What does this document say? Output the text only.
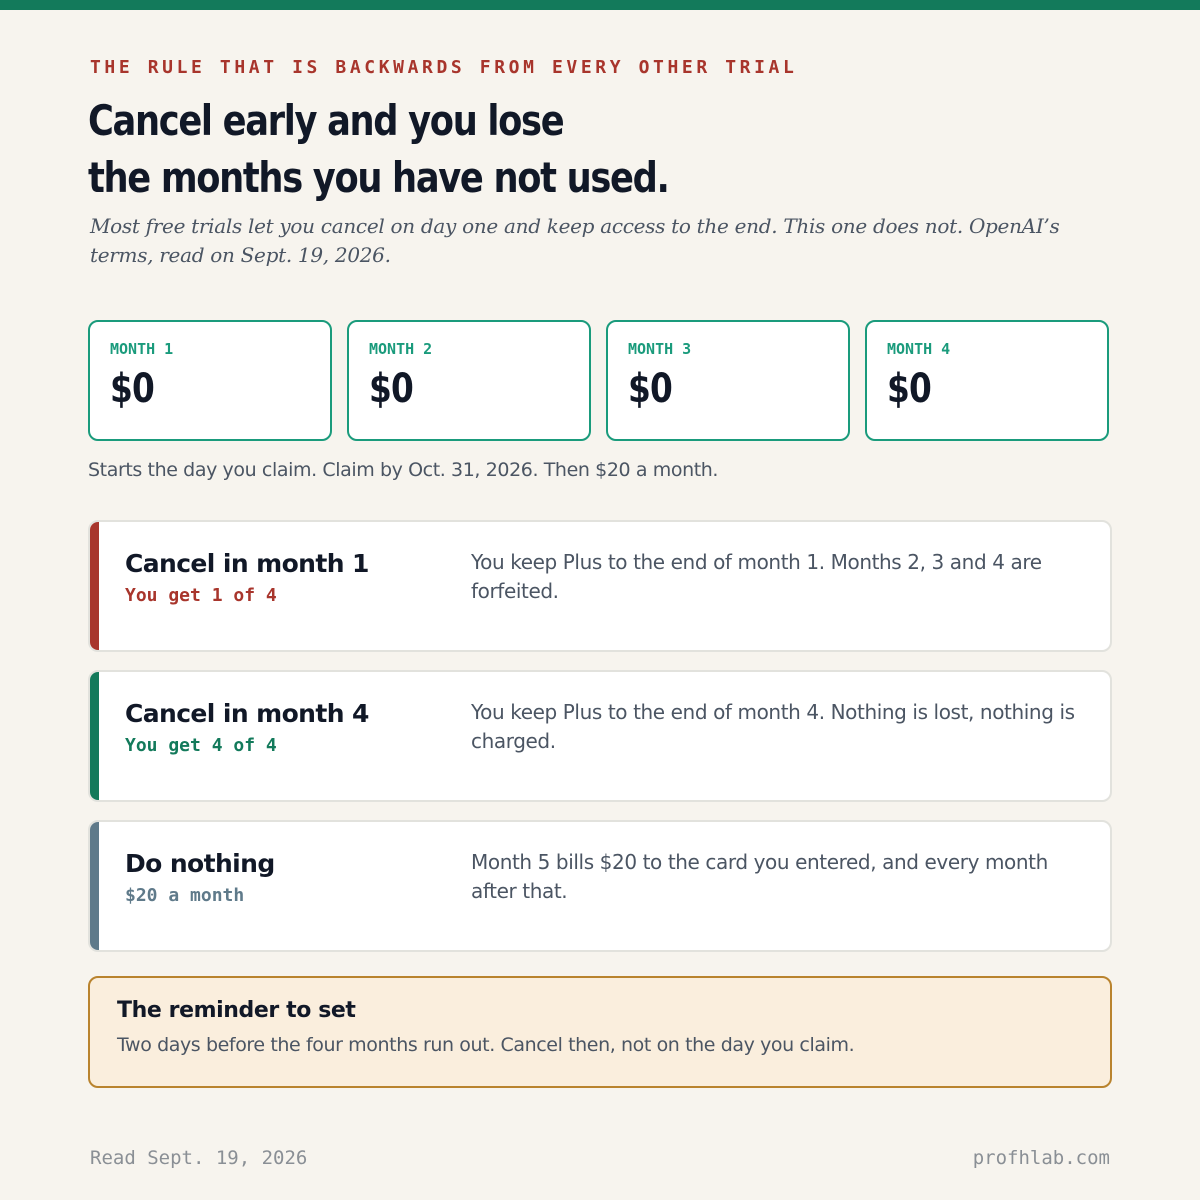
THE RULE THAT IS BACKWARDS FROM EVERY OTHER TRIAL
Cancel early and you lose
the months you have not used.

Most free trials let you cancel on day one and keep access to the end. This one does not. OpenAI’s terms, read on Sept. 19, 2026.

MONTH 1
$0
MONTH 2
$0
MONTH 3
$0
MONTH 4
$0

Starts the day you claim. Claim by Oct. 31, 2026. Then $20 a month.

Cancel in month 1
You get 1 of 4
You keep Plus to the end of month 1. Months 2, 3 and 4 are forfeited.
Cancel in month 4
You get 4 of 4
You keep Plus to the end of month 4. Nothing is lost, nothing is charged.
Do nothing
$20 a month
Month 5 bills $20 to the card you entered, and every month after that.
The reminder to set
Two days before the four months run out. Cancel then, not on the day you claim.
Read Sept. 19, 2026	profhlab.com
